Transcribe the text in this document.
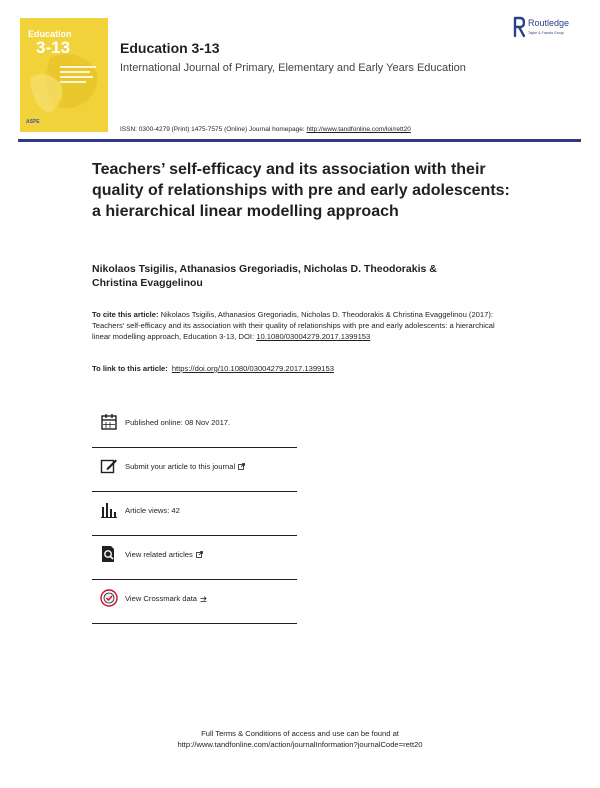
Education
3-13
ASPE
Education 3-13
International Journal of Primary, Elementary and Early Years Education
Routledge
Taylor & Francis Group
ISSN: 0300-4279 (Print) 1475-7575 (Online) Journal homepage: http://www.tandfonline.com/loi/rett20
Teachers’ self-efficacy and its association with their quality of relationships with pre and early adolescents: a hierarchical linear modelling approach
Nikolaos Tsigilis, Athanasios Gregoriadis, Nicholas D. Theodorakis &
Christina Evaggelinou
To cite this article: Nikolaos Tsigilis, Athanasios Gregoriadis, Nicholas D. Theodorakis & Christina Evaggelinou (2017): Teachers’ self-efficacy and its association with their quality of relationships with pre and early adolescents: a hierarchical linear modelling approach, Education 3-13, DOI: 10.1080/03004279.2017.1399153
To link to this article: https://doi.org/10.1080/03004279.2017.1399153
Published online: 08 Nov 2017.
Submit your article to this journal
Article views: 42
View related articles
View Crossmark data
Full Terms & Conditions of access and use can be found at
http://www.tandfonline.com/action/journalInformation?journalCode=rett20
